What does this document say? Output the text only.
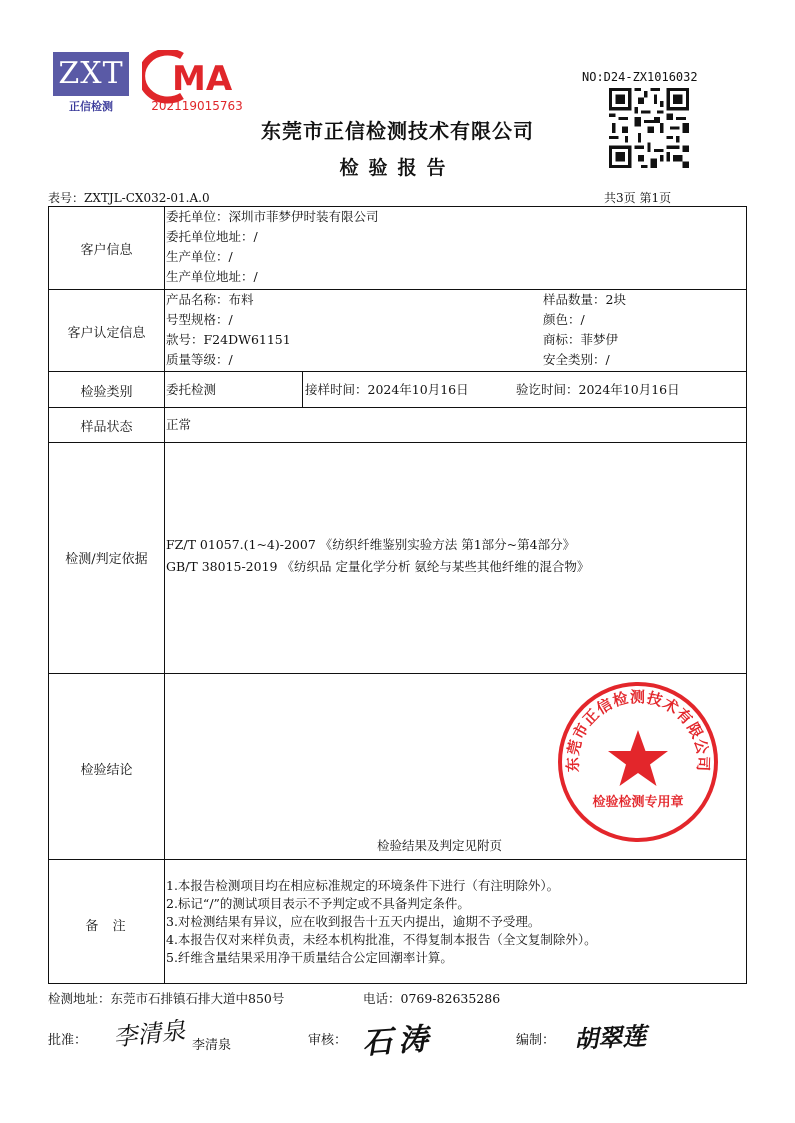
ZXT
正信检测
MA
202119015763
NO:D24-ZX1016032
东莞市正信检测技术有限公司
检验报告
表号：ZXTJL-CX032-01.A.0	共3页 第1页
客户信息
委托单位：深圳市菲梦伊时装有限公司
委托单位地址：/
生产单位：/
生产单位地址：/
客户认定信息
产品名称：布料
号型规格：/
款号：F24DW61151
质量等级：/
样品数量：2块
颜色：/
商标：菲梦伊
安全类别：/
检验类别	委托检测	接样时间：2024年10月16日	验讫时间：2024年10月16日
样品状态	正常
检测/判定依据
FZ/T 01057.(1~4)-2007 《纺织纤维鉴别实验方法 第1部分~第4部分》
GB/T 38015-2019 《纺织品 定量化学分析 氨纶与某些其他纤维的混合物》
检验结论
检验结果及判定见附页
备  注
1.本报告检测项目均在相应标准规定的环境条件下进行（有注明除外）。
2.标记“/”的测试项目表示不予判定或不具备判定条件。
3.对检测结果有异议，应在收到报告十五天内提出，逾期不予受理。
4.本报告仅对来样负责，未经本机构批准，不得复制本报告（全文复制除外）。
5.纤维含量结果采用净干质量结合公定回潮率计算。
东莞市正信检测技术有限公司
检验检测专用章
检测地址：东莞市石排镇石排大道中850号	电话：0769-82635286
批准： 李清泉 李清泉	审核： 石涛	编制： 胡翠莲
